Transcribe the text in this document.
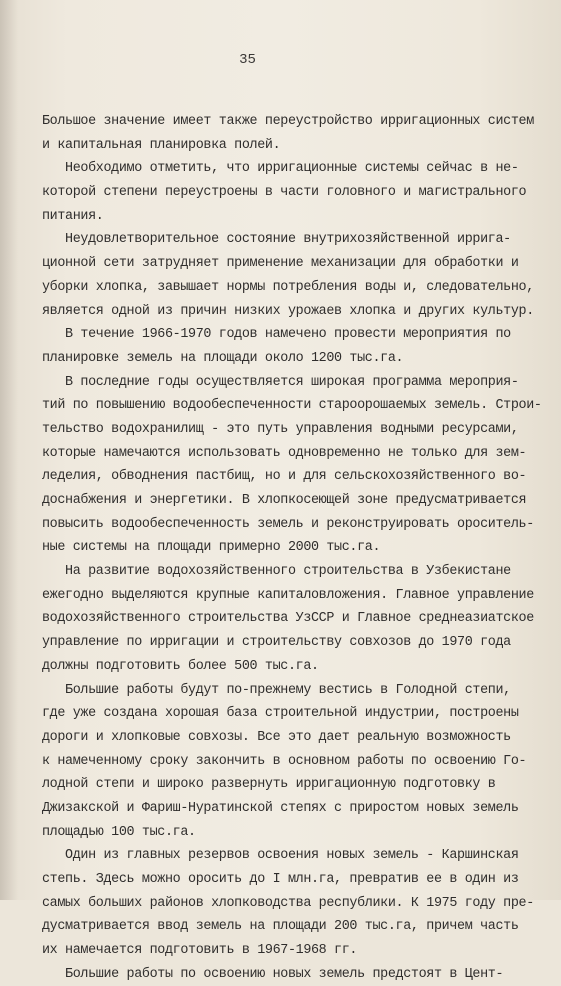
35
Большое значение имеет также переустройство ирригационных систем
и капитальная планировка полей.
Необходимо отметить, что ирригационные системы сейчас в не-
которой степени переустроены в части головного и магистрального
питания.
Неудовлетворительное состояние внутрихозяйственной ирригa-
ционной сети затрудняет применение механизации для обработки и
уборки хлопка, завышает нормы потребления воды и, следовательно,
является одной из причин низких урожаев хлопка и других культур.
В течение 1966-1970 годов намечено провести мероприятия по
планировке земель на площади около 1200 тыс.га.
В последние годы осуществляется широкая программа мероприя-
тий по повышению водообеспеченности староорошаемых земель. Строи-
тельство водохранилищ - это путь управления водными ресурсами,
которые намечаются использовать одновременно не только для зем-
леделия, обводнения пастбищ, но и для сельскохозяйственного во-
доснабжения и энергетики. В хлопкосеющей зоне предусматривается
повысить водообеспеченность земель и реконструировать ороситель-
ные системы на площади примерно 2000 тыс.га.
На развитие водохозяйственного строительства в Узбекистане
ежегодно выделяются крупные капиталовложения. Главное управление
водохозяйственного строительства УзССР и Главное среднеазиатское
управление по ирригации и строительству совхозов до 1970 года
должны подготовить более 500 тыс.га.
Большие работы будут по-прежнему вестись в Голодной степи,
где уже создана хорошая база строительной индустрии, построены
дороги и хлопковые совхозы. Все это дает реальную возможность
к намеченному сроку закончить в основном работы по освоению Го-
лодной степи и широко развернуть ирригационную подготовку в
Джизакской и Фариш-Нуратинской степях с приростом новых земель
площадью 100 тыс.га.
Один из главных резервов освоения новых земель - Каршинская
степь. Здесь можно оросить до I млн.га, превратив ее в один из
самых больших районов хлопководства республики. К 1975 году пре-
дусматривается ввод земель на площади 200 тыс.га, причем часть
их намечается подготовить в 1967-1968 гг.
Большие работы по освоению новых земель предстоят в Цент-
